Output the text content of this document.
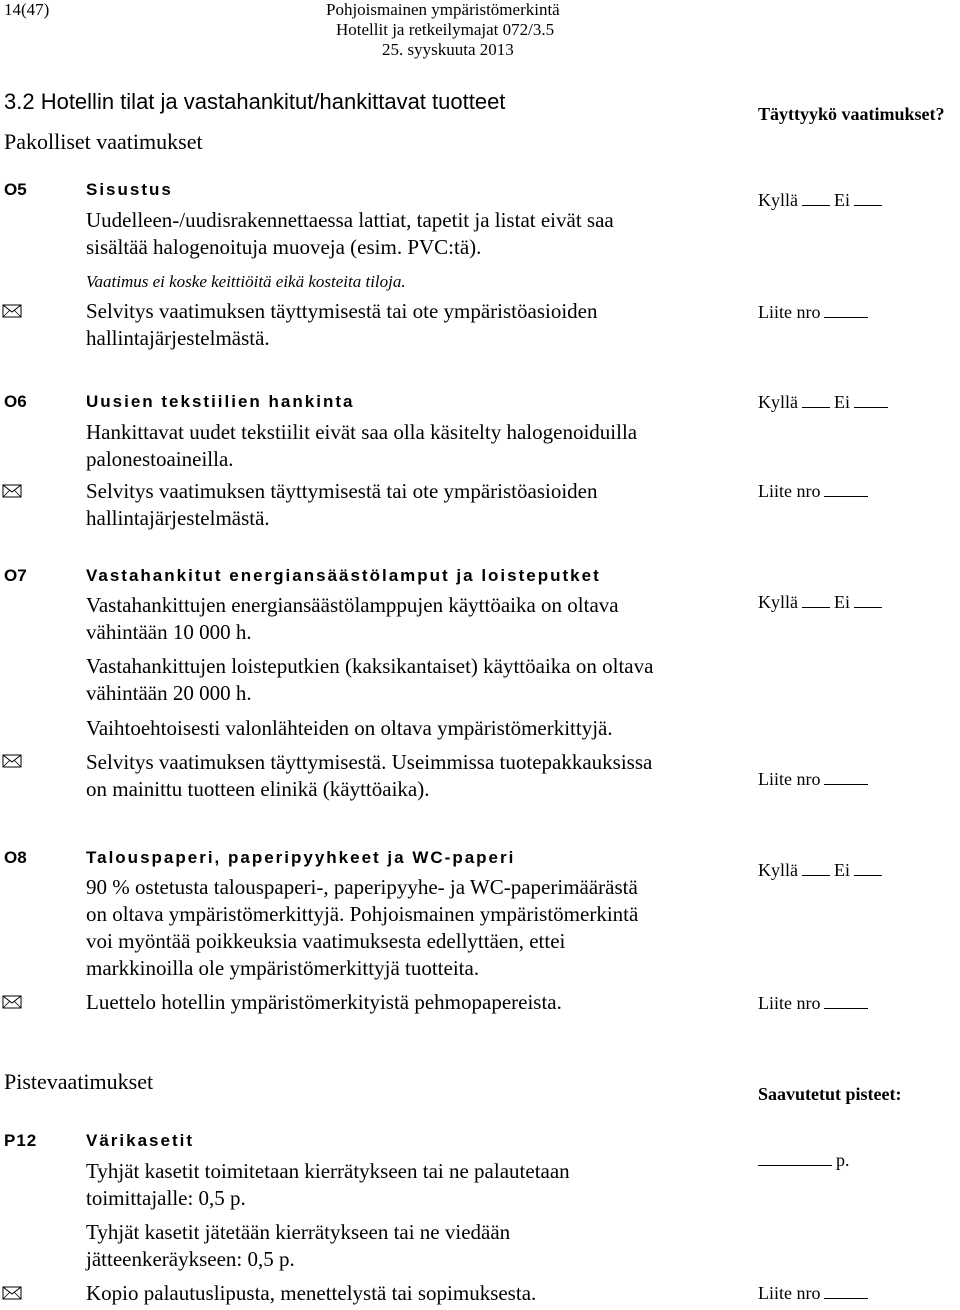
14(47)	Pohjoismainen ympäristömerkintä
Hotellit ja retkeilymajat 072/3.5
25. syyskuuta 2013
3.2 Hotellin tilat ja vastahankitut/hankittavat tuotteet
Pakolliset vaatimukset
Täyttyykö vaatimukset?
O5	Sisustus
Uudelleen-/uudisrakennettaessa lattiat, tapetit ja listat eivät saa
sisältää halogenoituja muoveja (esim. PVC:tä).
Vaatimus ei koske keittiöitä eikä kosteita tiloja.
Selvitys vaatimuksen täyttymisestä tai ote ympäristöasioiden
hallintajärjestelmästä.
Kyllä Ei
Liite nro
O6	Uusien tekstiilien hankinta
Hankittavat uudet tekstiilit eivät saa olla käsitelty halogenoiduilla
palonestoaineilla.
Selvitys vaatimuksen täyttymisestä tai ote ympäristöasioiden
hallintajärjestelmästä.
Kyllä Ei
Liite nro
O7	Vastahankitut energiansäästölamput ja loisteputket
Vastahankittujen energiansäästölamppujen käyttöaika on oltava
vähintään 10 000 h.
Vastahankittujen loisteputkien (kaksikantaiset) käyttöaika on oltava
vähintään 20 000 h.
Vaihtoehtoisesti valonlähteiden on oltava ympäristömerkittyjä.
Selvitys vaatimuksen täyttymisestä. Useimmissa tuotepakkauksissa
on mainittu tuotteen elinikä (käyttöaika).
Kyllä Ei
Liite nro
O8	Talouspaperi, paperipyyhkeet ja WC-paperi
90 % ostetusta talouspaperi-, paperipyyhe- ja WC-paperimäärästä
on oltava ympäristömerkittyjä. Pohjoismainen ympäristömerkintä
voi myöntää poikkeuksia vaatimuksesta edellyttäen, ettei
markkinoilla ole ympäristömerkittyjä tuotteita.
Luettelo hotellin ympäristömerkityistä pehmopapereista.
Kyllä Ei
Liite nro
Pistevaatimukset	Saavutetut pisteet:
P12	Värikasetit
Tyhjät kasetit toimitetaan kierrätykseen tai ne palautetaan
toimittajalle: 0,5 p.
Tyhjät kasetit jätetään kierrätykseen tai ne viedään
jätteenkeräykseen: 0,5 p.
Kopio palautuslipusta, menettelystä tai sopimuksesta.
p.
Liite nro
